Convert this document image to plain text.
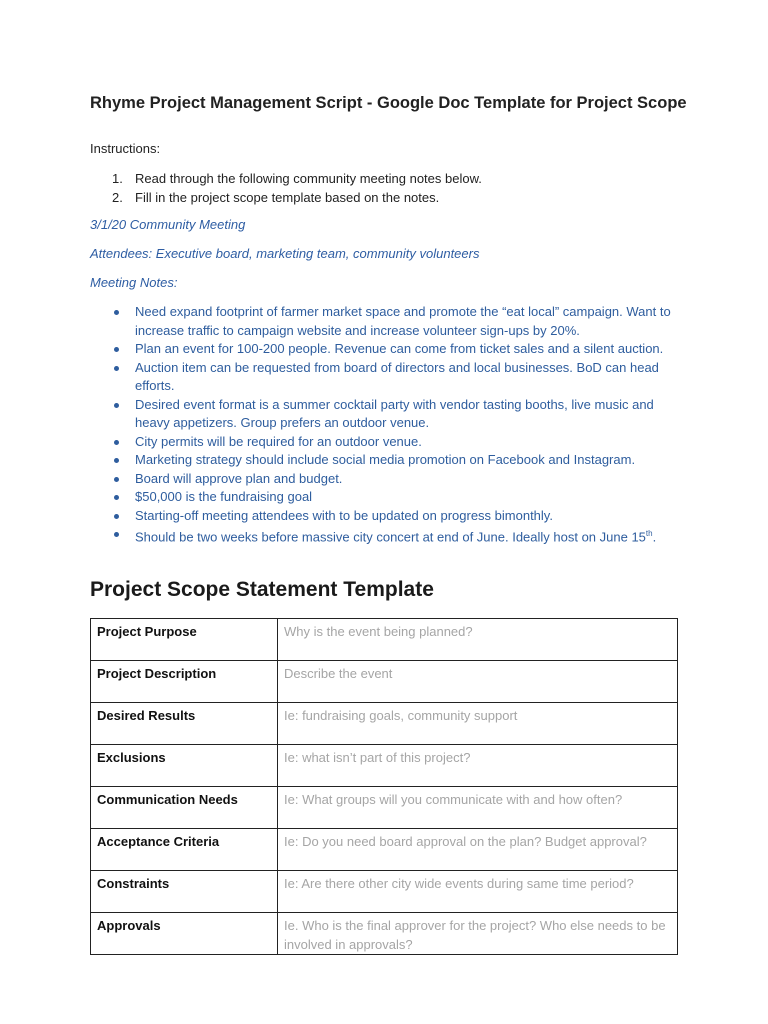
Rhyme Project Management Script - Google Doc Template for Project Scope
Instructions:
1. Read through the following community meeting notes below.
2. Fill in the project scope template based on the notes.
3/1/20 Community Meeting
Attendees: Executive board, marketing team, community volunteers
Meeting Notes:
Need expand footprint of farmer market space and promote the “eat local” campaign. Want to increase traffic to campaign website and increase volunteer sign-ups by 20%.
Plan an event for 100-200 people. Revenue can come from ticket sales and a silent auction.
Auction item can be requested from board of directors and local businesses. BoD can head efforts.
Desired event format is a summer cocktail party with vendor tasting booths, live music and heavy appetizers. Group prefers an outdoor venue.
City permits will be required for an outdoor venue.
Marketing strategy should include social media promotion on Facebook and Instagram.
Board will approve plan and budget.
$50,000 is the fundraising goal
Starting-off meeting attendees with to be updated on progress bimonthly.
Should be two weeks before massive city concert at end of June. Ideally host on June 15th.
Project Scope Statement Template
Project Purpose	Why is the event being planned?
Project Description	Describe the event
Desired Results	Ie: fundraising goals, community support
Exclusions	Ie: what isn’t part of this project?
Communication Needs	Ie: What groups will you communicate with and how often?
Acceptance Criteria	Ie: Do you need board approval on the plan? Budget approval?
Constraints	Ie: Are there other city wide events during same time period?
Approvals	Ie. Who is the final approver for the project? Who else needs to be involved in approvals?
